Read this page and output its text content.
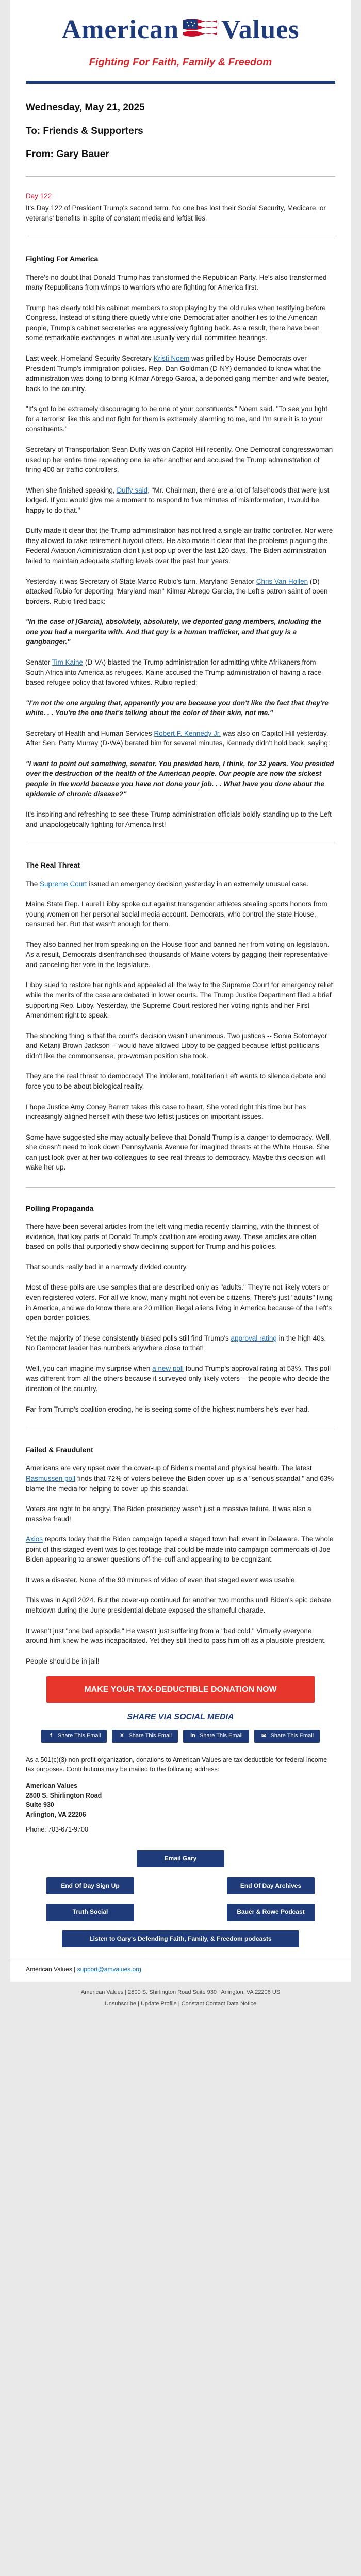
American Values
Fighting For Faith, Family & Freedom
Wednesday, May 21, 2025
To: Friends & Supporters
From: Gary Bauer
Day 122

It's Day 122 of President Trump's second term. No one has lost their Social Security, Medicare, or veterans' benefits in spite of constant media and leftist lies.

Fighting For America

There's no doubt that Donald Trump has transformed the Republican Party. He's also transformed many Republicans from wimps to warriors who are fighting for America first.

Trump has clearly told his cabinet members to stop playing by the old rules when testifying before Congress. Instead of sitting there quietly while one Democrat after another lies to the American people, Trump's cabinet secretaries are aggressively fighting back. As a result, there have been some remarkable exchanges in what are usually very dull committee hearings.

Last week, Homeland Security Secretary Kristi Noem was grilled by House Democrats over President Trump's immigration policies. Rep. Dan Goldman (D-NY) demanded to know what the administration was doing to bring Kilmar Abrego Garcia, a deported gang member and wife beater, back to the country.

"It's got to be extremely discouraging to be one of your constituents," Noem said. "To see you fight for a terrorist like this and not fight for them is extremely alarming to me, and I'm sure it is to your constituents."

Secretary of Transportation Sean Duffy was on Capitol Hill recently. One Democrat congresswoman used up her entire time repeating one lie after another and accused the Trump administration of firing 400 air traffic controllers.

When she finished speaking, Duffy said, "Mr. Chairman, there are a lot of falsehoods that were just lodged. If you would give me a moment to respond to five minutes of misinformation, I would be happy to do that."

Duffy made it clear that the Trump administration has not fired a single air traffic controller. Nor were they allowed to take retirement buyout offers. He also made it clear that the problems plaguing the Federal Aviation Administration didn't just pop up over the last 120 days. The Biden administration failed to maintain adequate staffing levels over the past four years.

Yesterday, it was Secretary of State Marco Rubio's turn. Maryland Senator Chris Van Hollen (D) attacked Rubio for deporting "Maryland man" Kilmar Abrego Garcia, the Left's patron saint of open borders. Rubio fired back:

"In the case of [Garcia], absolutely, absolutely, we deported gang members, including the one you had a margarita with. And that guy is a human trafficker, and that guy is a gangbanger."

Senator Tim Kaine (D-VA) blasted the Trump administration for admitting white Afrikaners from South Africa into America as refugees. Kaine accused the Trump administration of having a race-based refugee policy that favored whites. Rubio replied:

"I'm not the one arguing that, apparently you are because you don't like the fact that they're white. . . You're the one that's talking about the color of their skin, not me."

Secretary of Health and Human Services Robert F. Kennedy Jr. was also on Capitol Hill yesterday. After Sen. Patty Murray (D-WA) berated him for several minutes, Kennedy didn't hold back, saying:

"I want to point out something, senator. You presided here, I think, for 32 years. You presided over the destruction of the health of the American people. Our people are now the sickest people in the world because you have not done your job. . . What have you done about the epidemic of chronic disease?"

It's inspiring and refreshing to see these Trump administration officials boldly standing up to the Left and unapologetically fighting for America first!

The Real Threat

The Supreme Court issued an emergency decision yesterday in an extremely unusual case.

Maine State Rep. Laurel Libby spoke out against transgender athletes stealing sports honors from young women on her personal social media account. Democrats, who control the state House, censured her. But that wasn't enough for them.

They also banned her from speaking on the House floor and banned her from voting on legislation. As a result, Democrats disenfranchised thousands of Maine voters by gagging their representative and canceling her vote in the legislature.

Libby sued to restore her rights and appealed all the way to the Supreme Court for emergency relief while the merits of the case are debated in lower courts. The Trump Justice Department filed a brief supporting Rep. Libby. Yesterday, the Supreme Court restored her voting rights and her First Amendment right to speak.

The shocking thing is that the court's decision wasn't unanimous. Two justices -- Sonia Sotomayor and Ketanji Brown Jackson -- would have allowed Libby to be gagged because leftist politicians didn't like the commonsense, pro-woman position she took.

They are the real threat to democracy! The intolerant, totalitarian Left wants to silence debate and force you to be about biological reality.

I hope Justice Amy Coney Barrett takes this case to heart. She voted right this time but has increasingly aligned herself with these two leftist justices on important issues.

Some have suggested she may actually believe that Donald Trump is a danger to democracy. Well, she doesn't need to look down Pennsylvania Avenue for imagined threats at the White House. She can just look over at her two colleagues to see real threats to democracy. Maybe this decision will wake her up.

Polling Propaganda

There have been several articles from the left-wing media recently claiming, with the thinnest of evidence, that key parts of Donald Trump's coalition are eroding away. These articles are often based on polls that purportedly show declining support for Trump and his policies.

That sounds really bad in a narrowly divided country.

Most of these polls are use samples that are described only as "adults." They're not likely voters or even registered voters. For all we know, many might not even be citizens. There's just "adults" living in America, and we do know there are 20 million illegal aliens living in America because of the Left's open-border policies.

Yet the majority of these consistently biased polls still find Trump's approval rating in the high 40s. No Democrat leader has numbers anywhere close to that!

Well, you can imagine my surprise when a new poll found Trump's approval rating at 53%. This poll was different from all the others because it surveyed only likely voters -- the people who decide the direction of the country.

Far from Trump's coalition eroding, he is seeing some of the highest numbers he's ever had.

Failed & Fraudulent

Americans are very upset over the cover-up of Biden's mental and physical health. The latest Rasmussen poll finds that 72% of voters believe the Biden cover-up is a "serious scandal," and 63% blame the media for helping to cover up this scandal.

Voters are right to be angry. The Biden presidency wasn't just a massive failure. It was also a massive fraud!

Axios reports today that the Biden campaign taped a staged town hall event in Delaware. The whole point of this staged event was to get footage that could be made into campaign commercials of Joe Biden appearing to answer questions off-the-cuff and appearing to be cognizant.

It was a disaster. None of the 90 minutes of video of even that staged event was usable.

This was in April 2024. But the cover-up continued for another two months until Biden's epic debate meltdown during the June presidential debate exposed the shameful charade.

It wasn't just "one bad episode." He wasn't just suffering from a "bad cold." Virtually everyone around him knew he was incapacitated. Yet they still tried to pass him off as a plausible president.

People should be in jail!

MAKE YOUR TAX-DEDUCTIBLE DONATION NOW
SHARE VIA SOCIAL MEDIA
f	Share This Email	X Share This Email	in Share This Email	✉ Share This Email
As a 501(c)(3) non-profit organization, donations to American Values are tax deductible for federal income tax purposes. Contributions may be mailed to the following address:
American Values
2800 S. Shirlington Road
Suite 930
Arlington, VA 22206
Phone: 703-671-9700
Email Gary
End Of Day Sign Up	End Of Day Archives
Truth Social	Bauer & Rowe Podcast
Listen to Gary's Defending Faith, Family, & Freedom podcasts
American Values | support@amvalues.org
American Values | 2800 S. Shirlington Road Suite 930 | Arlington, VA 22206 US
Unsubscribe | Update Profile | Constant Contact Data Notice
